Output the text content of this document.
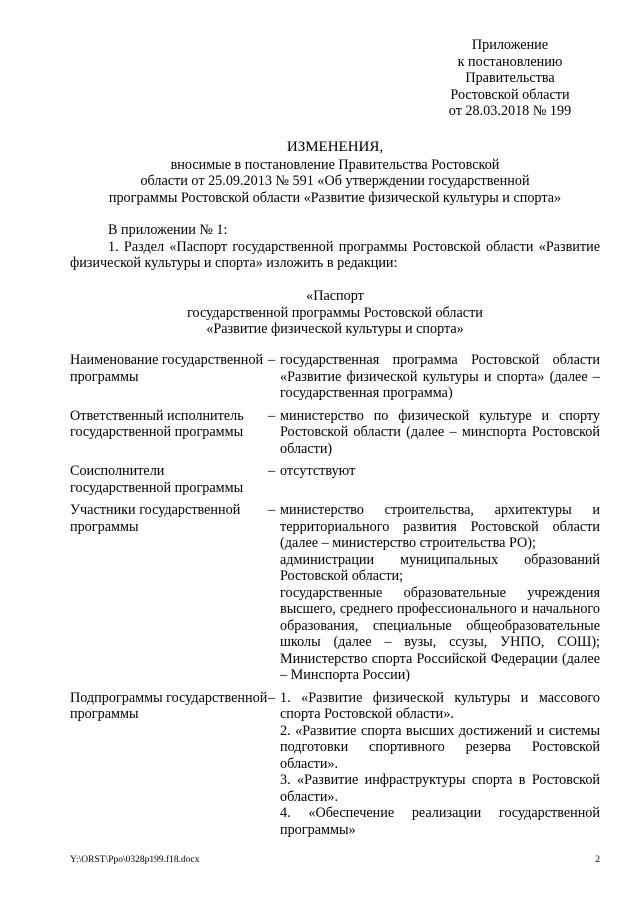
Приложение
к постановлению
Правительства
Ростовской области
от 28.03.2018 № 199
ИЗМЕНЕНИЯ,
вносимые в постановление Правительства Ростовской
области от 25.09.2013 № 591 «Об утверждении государственной
программы Ростовской области «Развитие физической культуры и спорта»

В приложении № 1:

1. Раздел «Паспорт государственной программы Ростовской области «Развитие физической культуры и спорта» изложить в редакции:

«Паспорт
государственной программы Ростовской области
«Развитие физической культуры и спорта»
Наименование государственной программы
– государственная программа Ростовской области «Развитие физической культуры и спорта» (далее – государственная программа)
Ответственный исполнитель государственной программы
– министерство по физической культуре и спорту Ростовской области (далее – минспорта Ростовской области)
Соисполнители государственной программы
– отсутствуют
Участники государственной программы
– министерство строительства, архитектуры и территориального развития Ростовской области (далее – министерство строительства РО);
администрации муниципальных образований Ростовской области;
государственные образовательные учреждения высшего, среднего профессионального и начального образования, специальные общеобразовательные школы (далее – вузы, ссузы, УНПО, СОШ); Министерство спорта Российской Федерации (далее – Минспорта России)
Подпрограммы государственной программы
– 1. «Развитие физической культуры и массового спорта Ростовской области».
2. «Развитие спорта высших достижений и системы подготовки спортивного резерва Ростовской области».
3. «Развитие инфраструктуры спорта в Ростовской области».
4. «Обеспечение реализации государственной программы»
Y:\ORST\Ppo\0328p199.f18.docx	2
